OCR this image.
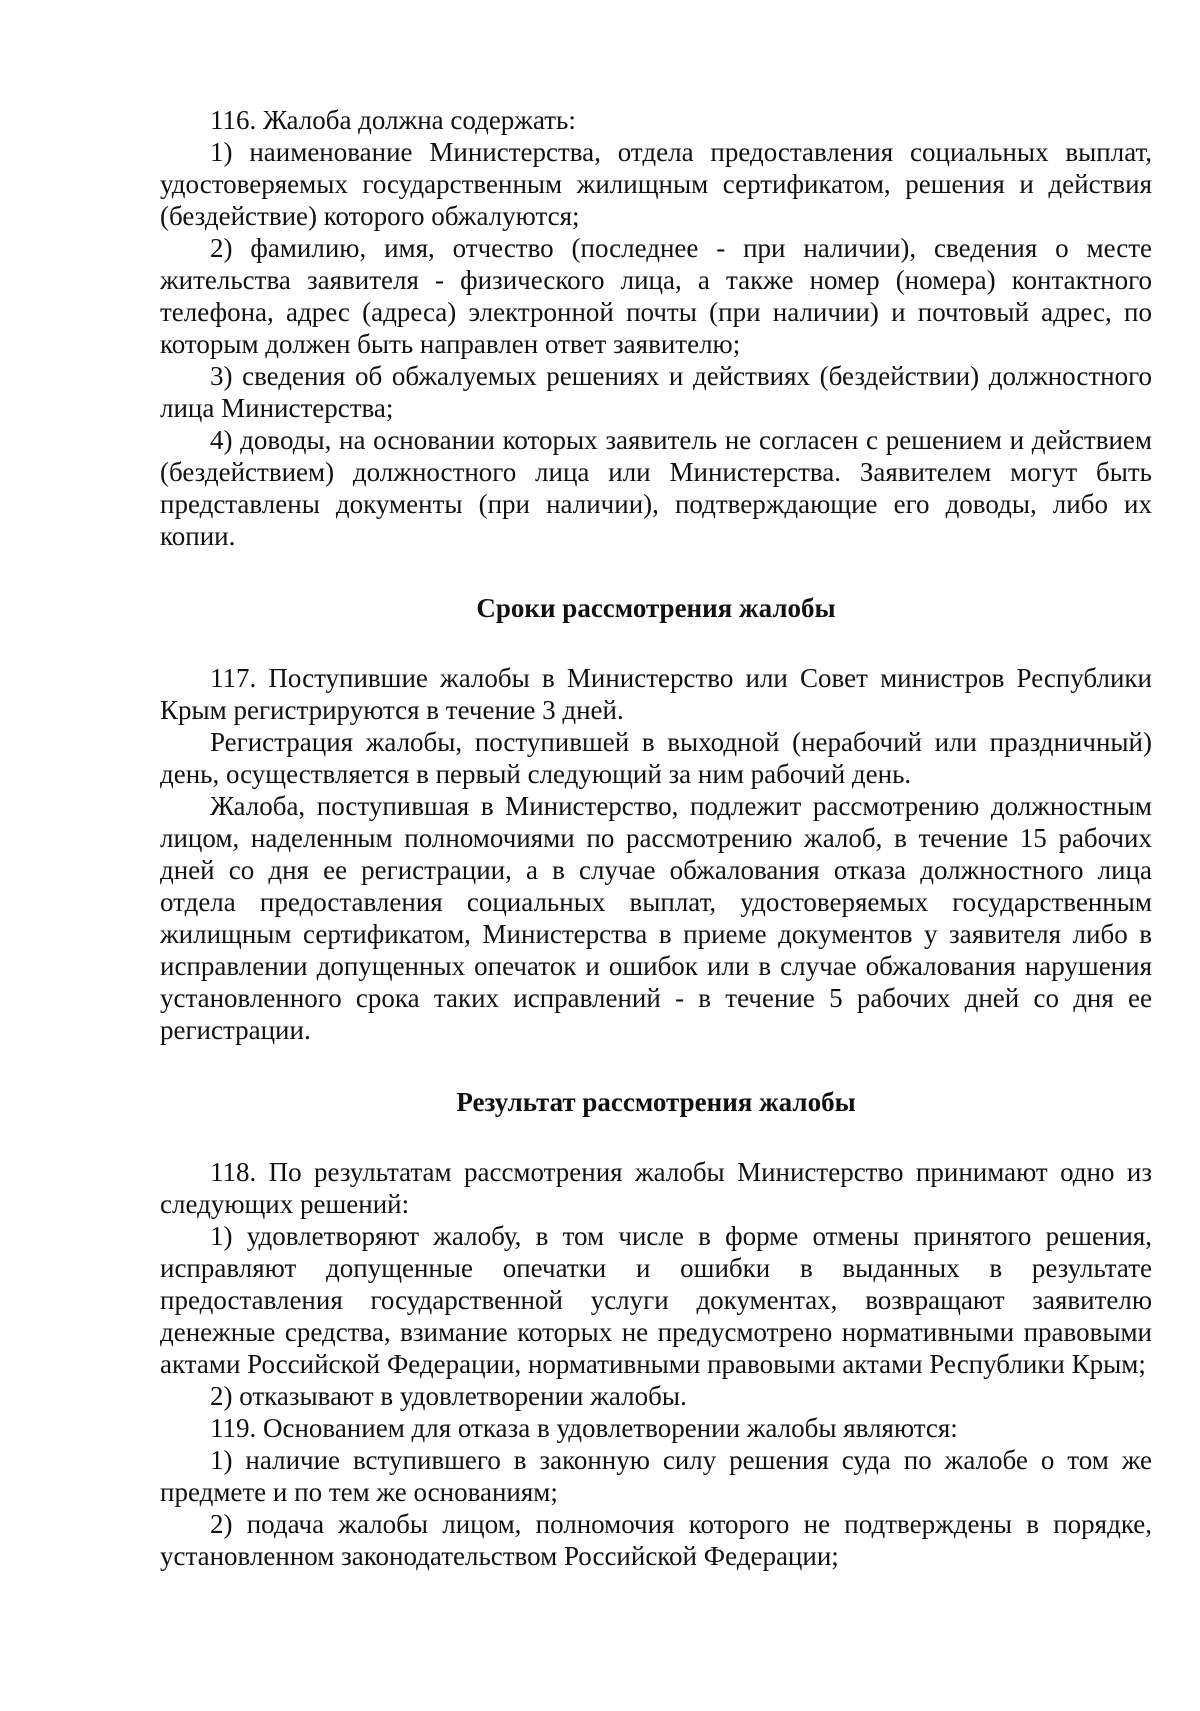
116. Жалоба должна содержать:

1) наименование Министерства, отдела предоставления социальных выплат, удостоверяемых государственным жилищным сертификатом, решения и действия (бездействие) которого обжалуются;

2) фамилию, имя, отчество (последнее - при наличии), сведения о месте жительства заявителя - физического лица, а также номер (номера) контактного телефона, адрес (адреса) электронной почты (при наличии) и почтовый адрес, по которым должен быть направлен ответ заявителю;

3) сведения об обжалуемых решениях и действиях (бездействии) должностного лица Министерства;

4) доводы, на основании которых заявитель не согласен с решением и действием (бездействием) должностного лица или Министерства. Заявителем могут быть представлены документы (при наличии), подтверждающие его доводы, либо их копии.

Сроки рассмотрения жалобы

117. Поступившие жалобы в Министерство или Совет министров Республики Крым регистрируются в течение 3 дней.

Регистрация жалобы, поступившей в выходной (нерабочий или праздничный) день, осуществляется в первый следующий за ним рабочий день.

Жалоба, поступившая в Министерство, подлежит рассмотрению должностным лицом, наделенным полномочиями по рассмотрению жалоб, в течение 15 рабочих дней со дня ее регистрации, а в случае обжалования отказа должностного лица отдела предоставления социальных выплат, удостоверяемых государственным жилищным сертификатом, Министерства в приеме документов у заявителя либо в исправлении допущенных опечаток и ошибок или в случае обжалования нарушения установленного срока таких исправлений - в течение 5 рабочих дней со дня ее регистрации.

Результат рассмотрения жалобы

118. По результатам рассмотрения жалобы Министерство принимают одно из следующих решений:

1) удовлетворяют жалобу, в том числе в форме отмены принятого решения, исправляют допущенные опечатки и ошибки в выданных в результате предоставления государственной услуги документах, возвращают заявителю денежные средства, взимание которых не предусмотрено нормативными правовыми актами Российской Федерации, нормативными правовыми актами Республики Крым;

2) отказывают в удовлетворении жалобы.

119. Основанием для отказа в удовлетворении жалобы являются:

1) наличие вступившего в законную силу решения суда по жалобе о том же предмете и по тем же основаниям;

2) подача жалобы лицом, полномочия которого не подтверждены в порядке, установленном законодательством Российской Федерации;
